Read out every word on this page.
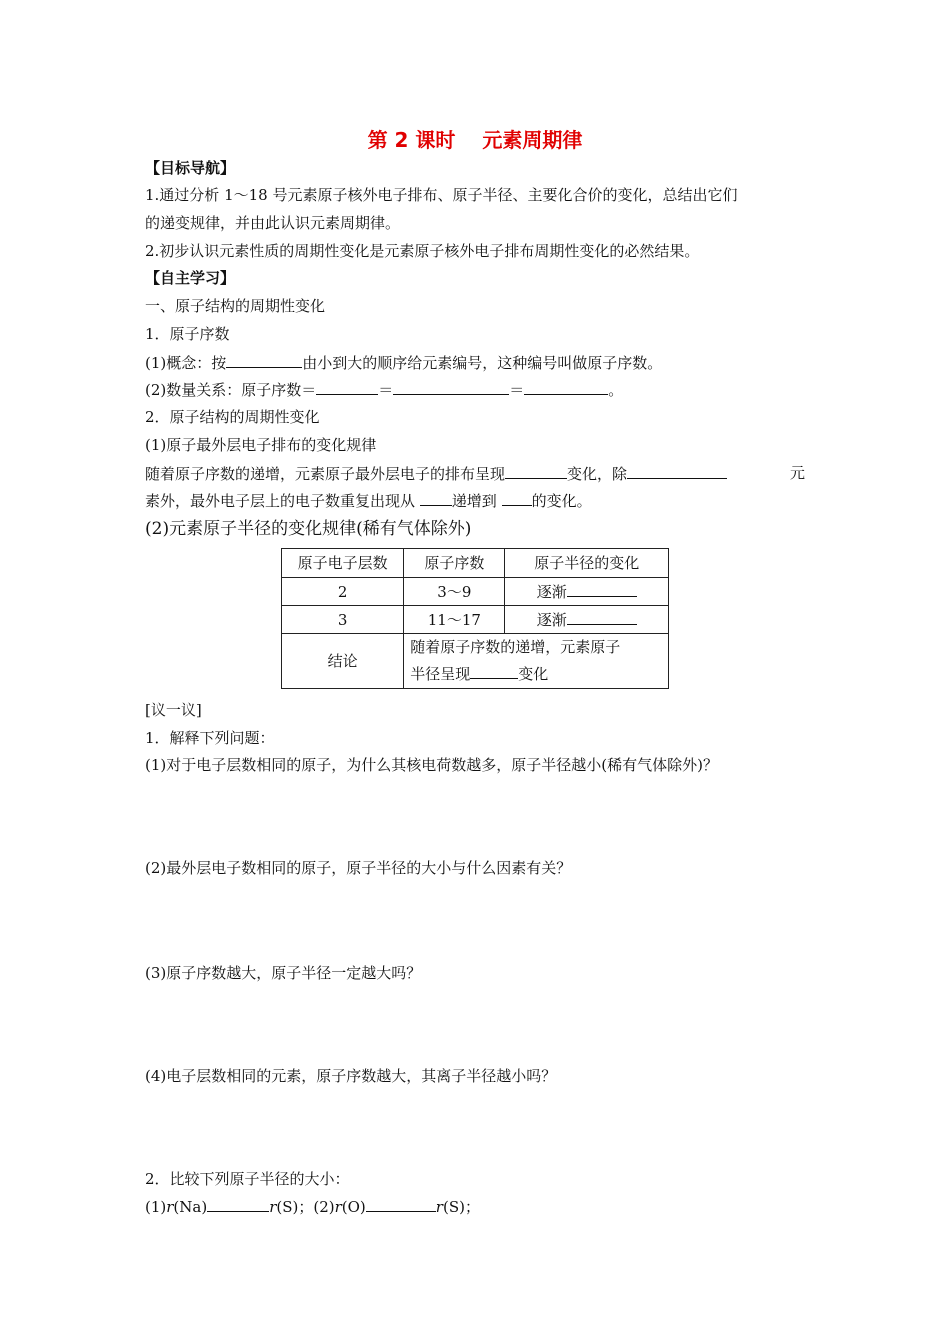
第 2 课时　 元素周期律
【目标导航】
1.通过分析 1～18 号元素原子核外电子排布、原子半径、主要化合价的变化，总结出它们
的递变规律，并由此认识元素周期律。
2.初步认识元素性质的周期性变化是元素原子核外电子排布周期性变化的必然结果。
【自主学习】
一、原子结构的周期性变化
1．原子序数
(1)概念：按	由小到大的顺序给元素编号，这种编号叫做原子序数。
(2)数量关系：原子序数＝	＝	＝	。
2．原子结构的周期性变化
(1)原子最外层电子排布的变化规律
随着原子序数的递增，元素原子最外层电子的排布呈现	变化，除	元
素外，最外电子层上的电子数重复出现从 递增到 的变化。
(2)元素原子半径的变化规律(稀有气体除外)
原子电子层数	原子序数	原子半径的变化
2	3～9	逐渐
3	11～17	逐渐
结论	随着原子序数的递增，元素原子
半径呈现 变化	
[议一议]
1．解释下列问题：
(1)对于电子层数相同的原子，为什么其核电荷数越多，原子半径越小(稀有气体除外)？
(2)最外层电子数相同的原子，原子半径的大小与什么因素有关？
(3)原子序数越大，原子半径一定越大吗？
(4)电子层数相同的元素，原子序数越大，其离子半径越小吗？
2．比较下列原子半径的大小：
(1)r(Na)	r(S)；(2)r(O)	r(S)；
